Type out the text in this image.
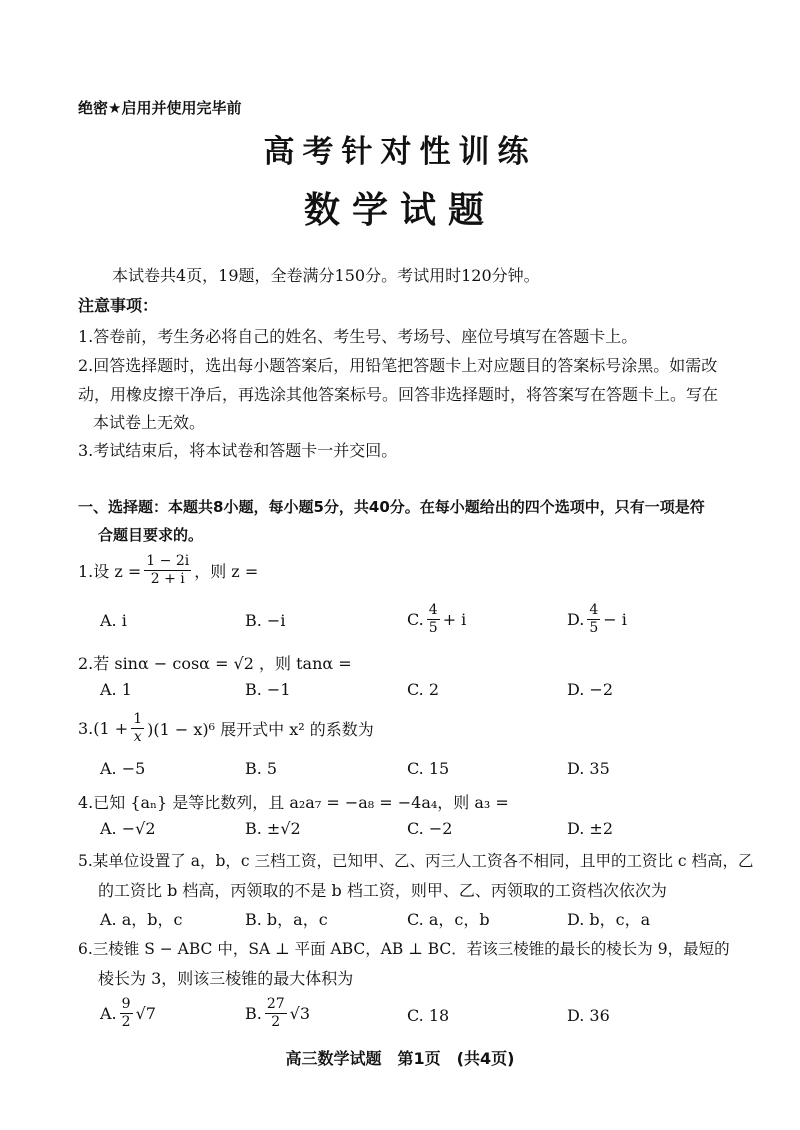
绝密★启用并使用完毕前
高考针对性训练
数学试题
本试卷共4页，19题，全卷满分150分。考试用时120分钟。
注意事项：
1.答卷前，考生务必将自己的姓名、考生号、考场号、座位号填写在答题卡上。
2.回答选择题时，选出每小题答案后，用铅笔把答题卡上对应题目的答案标号涂黑。如需改
动，用橡皮擦干净后，再选涂其他答案标号。回答非选择题时，将答案写在答题卡上。写在
本试卷上无效。
3.考试结束后，将本试卷和答题卡一并交回。
一、选择题：本题共8小题，每小题5分，共40分。在每小题给出的四个选项中，只有一项是符
合题目要求的。
1.设 $z = \frac{1 - 2i}{2 + i}$ ，则 z =
A. i	B. −i	C. $\frac{4}{5} + i$	D. $\frac{4}{5} - i$
2.若 sinα − cosα = √2 ，则 tanα =
A. 1	B. −1	C. 2	D. −2
$3.(1 + \frac{1}{x} )(1 - x)^6$ 展开式中 x² 的系数为
A. −5	B. 5	C. 15	D. 35
4.已知 {aₙ} 是等比数列，且 a₂a₇ = −a₈ = −4a₄，则 a₃ =
A. −√2	B. ±√2	C. −2	D. ±2
5.某单位设置了 a，b，c 三档工资，已知甲、乙、丙三人工资各不相同，且甲的工资比 c 档高，乙
的工资比 b 档高，丙领取的不是 b 档工资，则甲、乙、丙领取的工资档次依次为
A. a，b，c	B. b，a，c	C. a，c，b	D. b，c，a
6.三棱锥 S − ABC 中，SA ⊥ 平面 ABC，AB ⊥ BC．若该三棱锥的最长的棱长为 9，最短的
棱长为 3，则该三棱锥的最大体积为
A. $\frac{9}{2} √7$	B. $\frac{27}{2} √3$	C. 18	D. 36
高三数学试题　第1页　(共4页)
